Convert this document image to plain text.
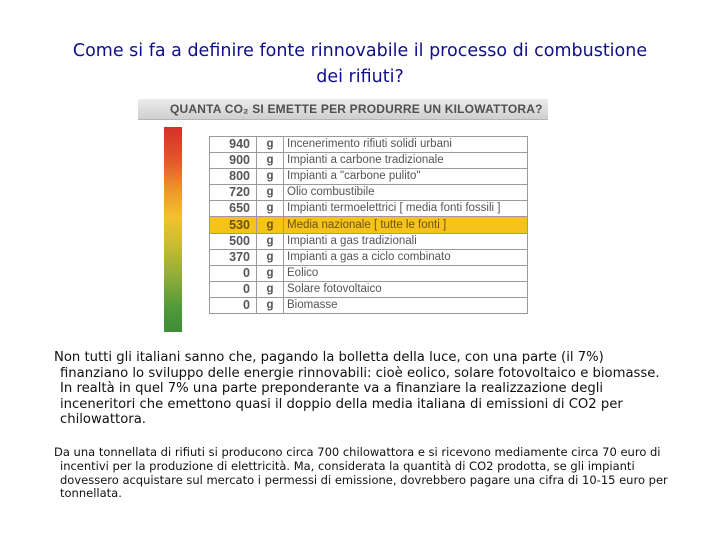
Come si fa a definire fonte rinnovabile il processo di combustione dei rifiuti?
QUANTA CO₂ SI EMETTE PER PRODURRE UN KILOWATTORA?
940	g	Incenerimento rifiuti solidi urbani
900	g	Impianti a carbone tradizionale
800	g	Impianti a "carbone pulito"
720	g	Olio combustibile
650	g	Impianti termoelettrici [ media fonti fossili ]
530	g	Media nazionale [ tutte le fonti ]
500	g	Impianti a gas tradizionali
370	g	Impianti a gas a ciclo combinato
0	g	Eolico
0	g	Solare fotovoltaico
0	g	Biomasse

Non tutti gli italiani sanno che, pagando la bolletta della luce, con una parte (il 7%) finanziano lo sviluppo delle energie rinnovabili: cioè eolico, solare fotovoltaico e biomasse. In realtà in quel 7% una parte preponderante va a finanziare la realizzazione degli inceneritori che emettono quasi il doppio della media italiana di emissioni di CO2 per chilowattora.

Da una tonnellata di rifiuti si producono circa 700 chilowattora e si ricevono mediamente circa 70 euro di incentivi per la produzione di elettricità. Ma, considerata la quantità di CO2 prodotta, se gli impianti dovessero acquistare sul mercato i permessi di emissione, dovrebbero pagare una cifra di 10-15 euro per tonnellata.
